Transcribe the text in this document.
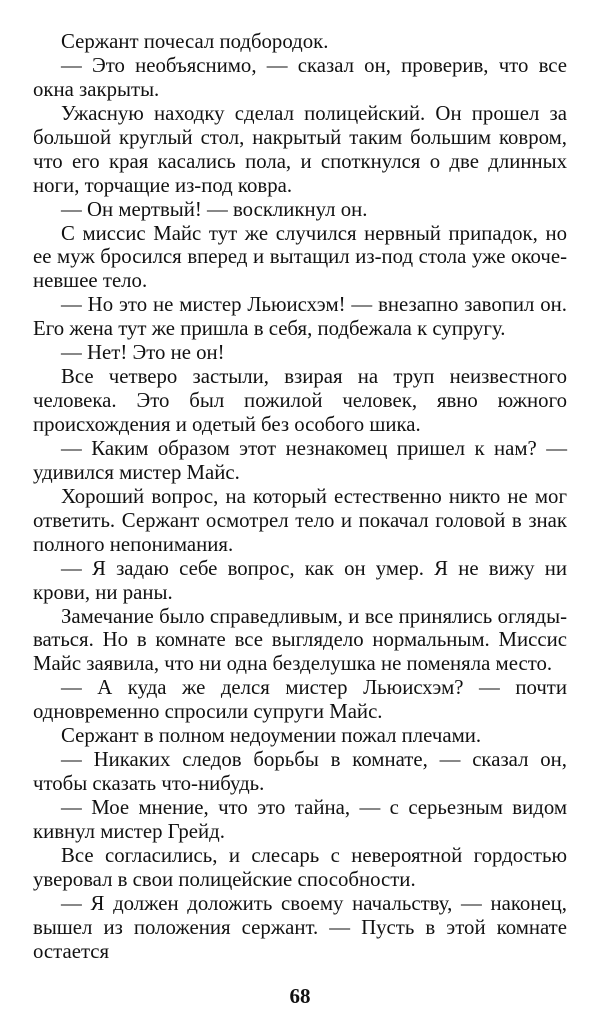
Сержант почесал подбородок.

— Это необъяснимо, — сказал он, проверив, что все окна закрыты.

Ужасную находку сделал полицейский. Он прошел за большой круглый стол, накрытый таким большим ковром, что его края касались пола, и споткнулся о две длинных ноги, торчащие из-под ковра.

— Он мертвый! — воскликнул он.

С миссис Майс тут же случился нервный припадок, но ее муж бросился вперед и вытащил из-под стола уже окоченевшее тело.

— Но это не мистер Льюисхэм! — внезапно завопил он. Его жена тут же пришла в себя, подбежала к супругу.

— Нет! Это не он!

Все четверо застыли, взирая на труп неизвестного человека. Это был пожилой человек, явно южного происхождения и одетый без особого шика.

— Каким образом этот незнакомец пришел к нам? — удивился мистер Майс.

Хороший вопрос, на который естественно никто не мог ответить. Сержант осмотрел тело и покачал головой в знак полного непонимания.

— Я задаю себе вопрос, как он умер. Я не вижу ни крови, ни раны.

Замечание было справедливым, и все принялись оглядываться. Но в комнате все выглядело нормальным. Миссис Майс заявила, что ни одна безделушка не поменяла место.

— А куда же делся мистер Льюисхэм? — почти одновременно спросили супруги Майс.

Сержант в полном недоумении пожал плечами.

— Никаких следов борьбы в комнате, — сказал он, чтобы сказать что-нибудь.

— Мое мнение, что это тайна, — с серьезным видом кивнул мистер Грейд.

Все согласились, и слесарь с невероятной гордостью уверовал в свои полицейские способности.

— Я должен доложить своему начальству, — наконец, вышел из положения сержант. — Пусть в этой комнате остается

68
